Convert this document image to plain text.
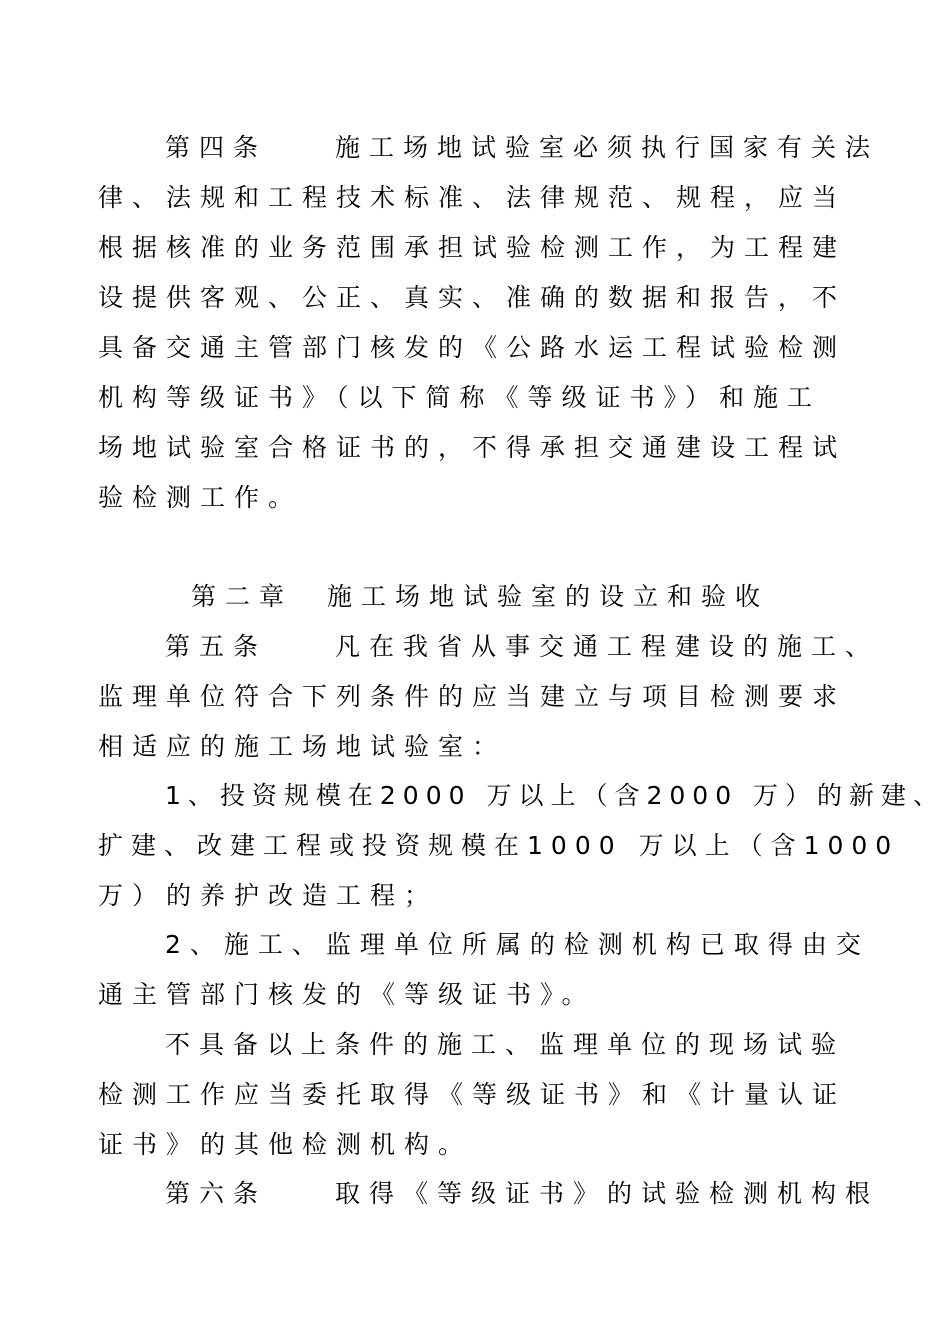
第四条　　施工场地试验室必须执行国家有关法
律、法规和工程技术标准、法律规范、规程，应当
根据核准的业务范围承担试验检测工作，为工程建
设提供客观、公正、真实、准确的数据和报告，不
具备交通主管部门核发的《公路水运工程试验检测
机构等级证书》（以下简称《等级证书》）和施工
场地试验室合格证书的，不得承担交通建设工程试
验检测工作。
第二章　施工场地试验室的设立和验收
第五条　　凡在我省从事交通工程建设的施工、
监理单位符合下列条件的应当建立与项目检测要求
相适应的施工场地试验室：
1、投资规模在2000 万以上（含2000 万）的新建、
扩建、改建工程或投资规模在1000 万以上（含1000
万）的养护改造工程；
2、施工、监理单位所属的检测机构已取得由交
通主管部门核发的《等级证书》。
不具备以上条件的施工、监理单位的现场试验
检测工作应当委托取得《等级证书》和《计量认证
证书》的其他检测机构。
第六条　　取得《等级证书》的试验检测机构根
